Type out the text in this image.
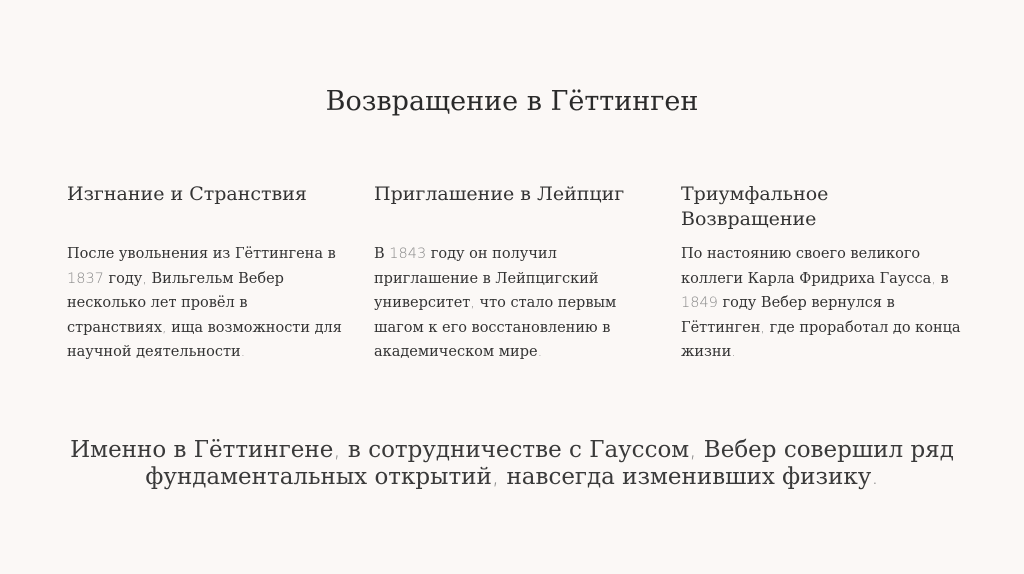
Возвращение в Гёттинген
Изгнание и Странствия

После увольнения из Гёттингена в 1837 году, Вильгельм Вебер несколько лет провёл в странствиях, ища возможности для научной деятельности.

Приглашение в Лейпциг

В 1843 году он получил приглашение в Лейпцигский университет, что стало первым шагом к его восстановлению в академическом мире.

Триумфальное Возвращение

По настоянию своего великого коллеги Карла Фридриха Гаусса, в 1849 году Вебер вернулся в Гёттинген, где проработал до конца жизни.

Именно в Гёттингене, в сотрудничестве с Гауссом, Вебер совершил ряд фундаментальных открытий, навсегда изменивших физику.
